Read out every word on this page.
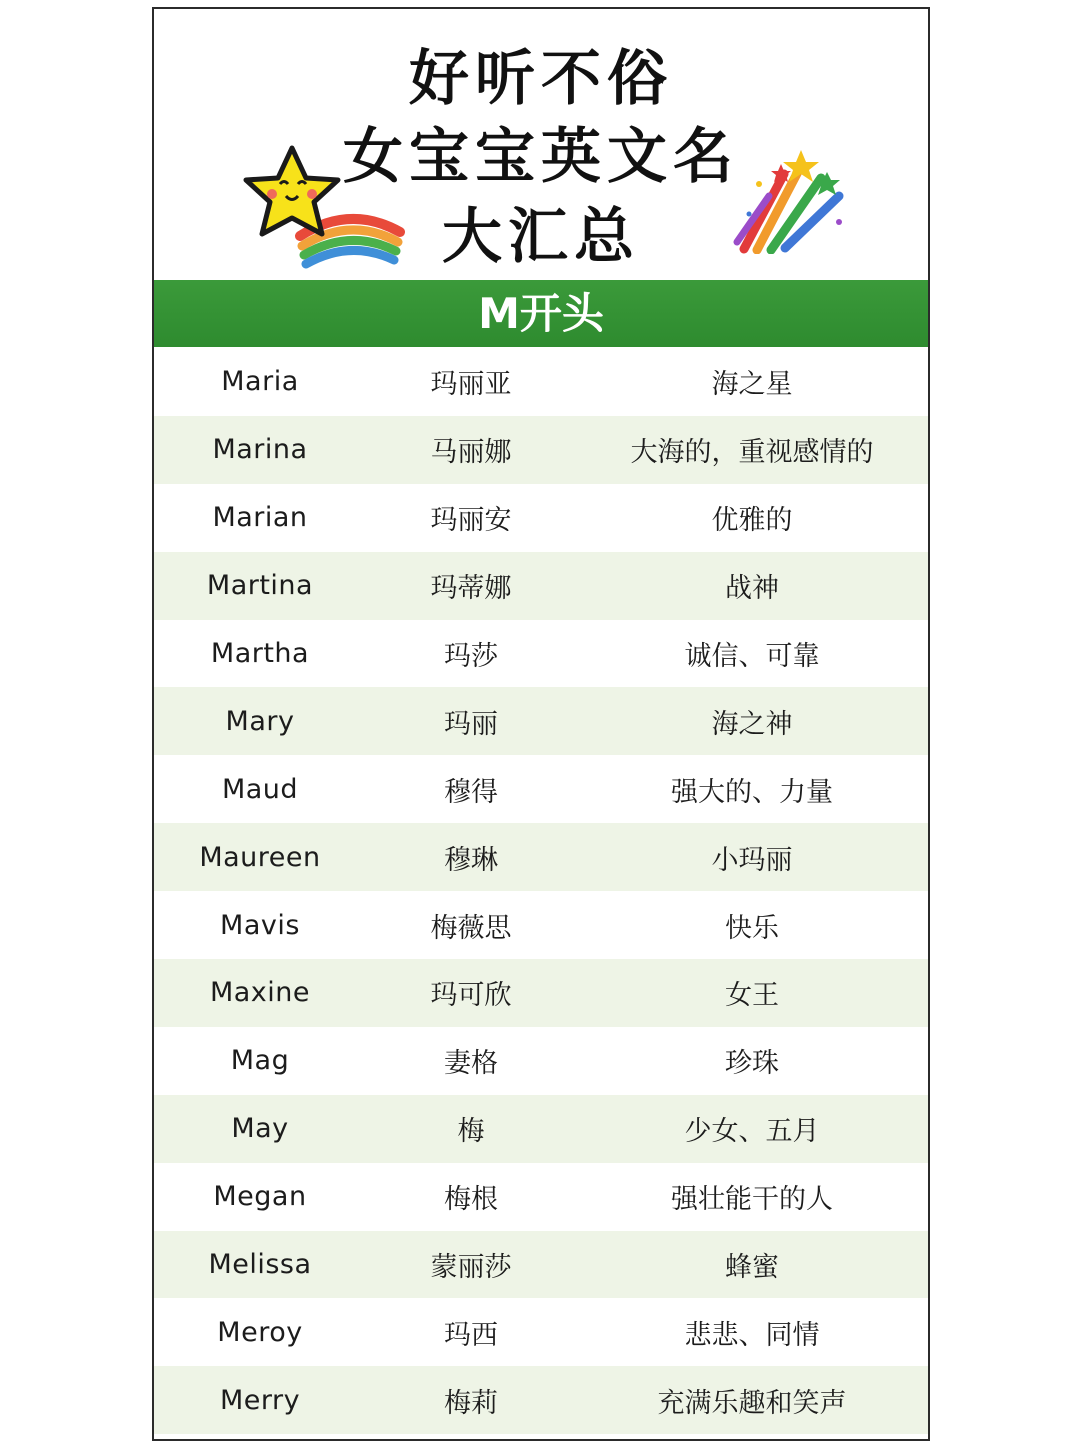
好听不俗
女宝宝英文名
大汇总
M开头
Maria	玛丽亚	海之星
Marina	马丽娜	大海的，重视感情的
Marian	玛丽安	优雅的
Martina	玛蒂娜	战神
Martha	玛莎	诚信、可靠
Mary	玛丽	海之神
Maud	穆得	强大的、力量
Maureen	穆琳	小玛丽
Mavis	梅薇思	快乐
Maxine	玛可欣	女王
Mag	妻格	珍珠
May	梅	少女、五月
Megan	梅根	强壮能干的人
Melissa	蒙丽莎	蜂蜜
Meroy	玛西	悲悲、同情
Merry	梅莉	充满乐趣和笑声
